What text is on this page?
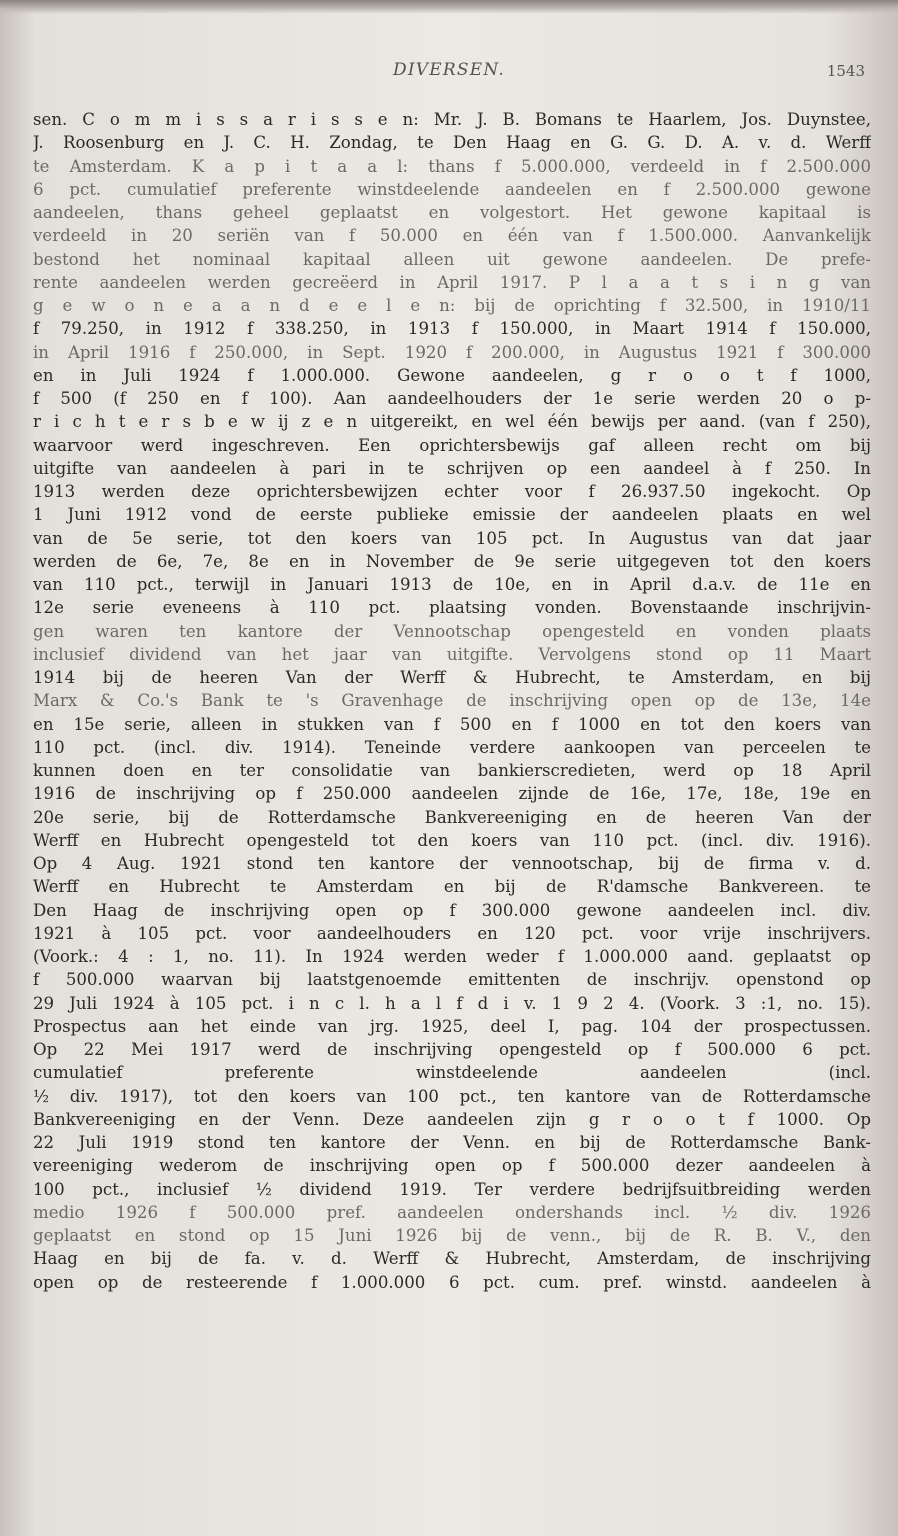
DIVERSEN.	1543
sen. C o m m i s s a r i s s e n: Mr. J. B. Bomans te Haarlem, Jos. Duynstee,
J. Roosenburg en J. C. H. Zondag, te Den Haag en G. G. D. A. v. d. Werff
te Amsterdam. K a p i t a a l: thans f 5.000.000, verdeeld in f 2.500.000
6 pct. cumulatief preferente winstdeelende aandeelen en f 2.500.000 gewone
aandeelen, thans geheel geplaatst en volgestort. Het gewone kapitaal is
verdeeld in 20 seriën van f 50.000 en één van f 1.500.000. Aanvankelijk
bestond het nominaal kapitaal alleen uit gewone aandeelen. De prefe-
rente aandeelen werden gecreëerd in April 1917. P l a a t s i n g van
g e w o n e a a n d e e l e n: bij de oprichting f 32.500, in 1910/11
f 79.250, in 1912 f 338.250, in 1913 f 150.000, in Maart 1914 f 150.000,
in April 1916 f 250.000, in Sept. 1920 f 200.000, in Augustus 1921 f 300.000
en in Juli 1924 f 1.000.000. Gewone aandeelen, g r o o t f 1000,
f 500 (f 250 en f 100). Aan aandeelhouders der 1e serie werden 20 o p-
r i c h t e r s b e w ij z e n uitgereikt, en wel één bewijs per aand. (van f 250),
waarvoor werd ingeschreven. Een oprichtersbewijs gaf alleen recht om bij
uitgifte van aandeelen à pari in te schrijven op een aandeel à f 250. In
1913 werden deze oprichtersbewijzen echter voor f 26.937.50 ingekocht. Op
1 Juni 1912 vond de eerste publieke emissie der aandeelen plaats en wel
van de 5e serie, tot den koers van 105 pct. In Augustus van dat jaar
werden de 6e, 7e, 8e en in November de 9e serie uitgegeven tot den koers
van 110 pct., terwijl in Januari 1913 de 10e, en in April d.a.v. de 11e en
12e serie eveneens à 110 pct. plaatsing vonden. Bovenstaande inschrijvin-
gen waren ten kantore der Vennootschap opengesteld en vonden plaats
inclusief dividend van het jaar van uitgifte. Vervolgens stond op 11 Maart
1914 bij de heeren Van der Werff & Hubrecht, te Amsterdam, en bij
Marx & Co.'s Bank te 's Gravenhage de inschrijving open op de 13e, 14e
en 15e serie, alleen in stukken van f 500 en f 1000 en tot den koers van
110 pct. (incl. div. 1914). Teneinde verdere aankoopen van perceelen te
kunnen doen en ter consolidatie van bankierscredieten, werd op 18 April
1916 de inschrijving op f 250.000 aandeelen zijnde de 16e, 17e, 18e, 19e en
20e serie, bij de Rotterdamsche Bankvereeniging en de heeren Van der
Werff en Hubrecht opengesteld tot den koers van 110 pct. (incl. div. 1916).
Op 4 Aug. 1921 stond ten kantore der vennootschap, bij de firma v. d.
Werff en Hubrecht te Amsterdam en bij de R'damsche Bankvereen. te
Den Haag de inschrijving open op f 300.000 gewone aandeelen incl. div.
1921 à 105 pct. voor aandeelhouders en 120 pct. voor vrije inschrijvers.
(Voork.: 4 : 1, no. 11). In 1924 werden weder f 1.000.000 aand. geplaatst op
f 500.000 waarvan bij laatstgenoemde emittenten de inschrijv. openstond op
29 Juli 1924 à 105 pct. i n c l. h a l f d i v. 1 9 2 4. (Voork. 3 :1, no. 15).
Prospectus aan het einde van jrg. 1925, deel I, pag. 104 der prospectussen.
Op 22 Mei 1917 werd de inschrijving opengesteld op f 500.000 6 pct.
cumulatief preferente winstdeelende aandeelen (incl.
½ div. 1917), tot den koers van 100 pct., ten kantore van de Rotterdamsche
Bankvereeniging en der Venn. Deze aandeelen zijn g r o o t f 1000. Op
22 Juli 1919 stond ten kantore der Venn. en bij de Rotterdamsche Bank-
vereeniging wederom de inschrijving open op f 500.000 dezer aandeelen à
100 pct., inclusief ½ dividend 1919. Ter verdere bedrijfsuitbreiding werden
medio 1926 f 500.000 pref. aandeelen ondershands incl. ½ div. 1926
geplaatst en stond op 15 Juni 1926 bij de venn., bij de R. B. V., den
Haag en bij de fa. v. d. Werff & Hubrecht, Amsterdam, de inschrijving
open op de resteerende f 1.000.000 6 pct. cum. pref. winstd. aandeelen à
